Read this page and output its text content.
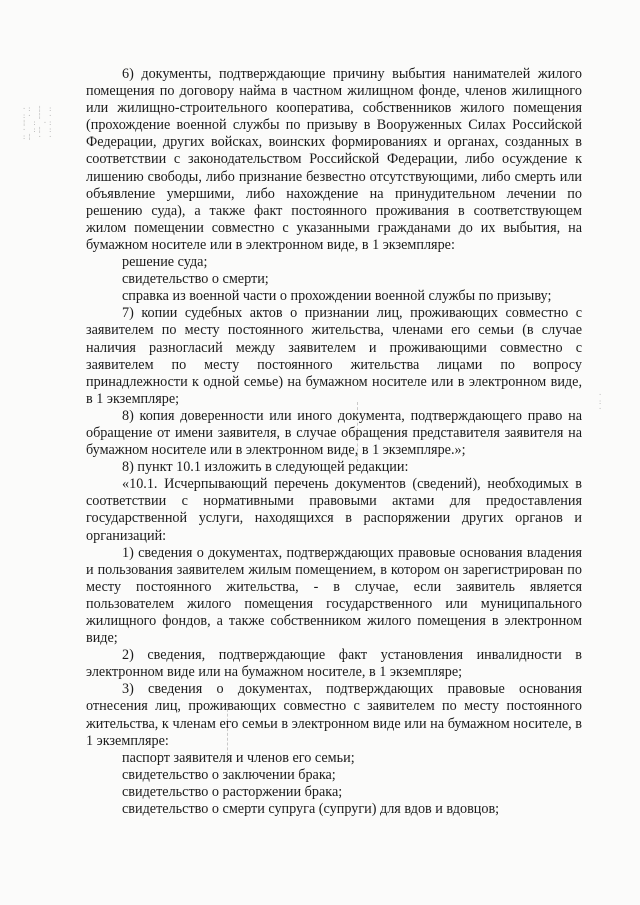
·: ¦ :
:· ¦ ·
¦ : ·:
· :¦ :
:¦ · ·
·
:
·

6) документы, подтверждающие причину выбытия нанимателей жилого помещения по договору найма в частном жилищном фонде, членов жилищного или жилищно-строительного кооператива, собственников жилого помещения (прохождение военной службы по призыву в Вооруженных Силах Российской Федерации, других войсках, воинских формированиях и органах, созданных в соответствии с законодательством Российской Федерации, либо осуждение к лишению свободы, либо признание безвестно отсутствующими, либо смерть или объявление умершими, либо нахождение на принудительном лечении по решению суда), а также факт постоянного проживания в соответствующем жилом помещении совместно с указанными гражданами до их выбытия, на бумажном носителе или в электронном виде, в 1 экземпляре:

решение суда;

свидетельство о смерти;

справка из военной части о прохождении военной службы по призыву;

7) копии судебных актов о признании лиц, проживающих совместно с заявителем по месту постоянного жительства, членами его семьи (в случае наличия разногласий между заявителем и проживающими совместно с заявителем по месту постоянного жительства лицами по вопросу принадлежности к одной семье) на бумажном носителе или в электронном виде, в 1 экземпляре;

8) копия доверенности или иного документа, подтверждающего право на обращение от имени заявителя, в случае обращения представителя заявителя на бумажном носителе или в электронном виде, в 1 экземпляре.»;

8) пункт 10.1 изложить в следующей редакции:

«10.1. Исчерпывающий перечень документов (сведений), необходимых в соответствии с нормативными правовыми актами для предоставления государственной услуги, находящихся в распоряжении других органов и организаций:

1) сведения о документах, подтверждающих правовые основания владения и пользования заявителем жилым помещением, в котором он зарегистрирован по месту постоянного жительства, - в случае, если заявитель является пользователем жилого помещения государственного или муниципального жилищного фондов, а также собственником жилого помещения в электронном виде;

2) сведения, подтверждающие факт установления инвалидности в электронном виде или на бумажном носителе, в 1 экземпляре;

3) сведения о документах, подтверждающих правовые основания отнесения лиц, проживающих совместно с заявителем по месту постоянного жительства, к членам его семьи в электронном виде или на бумажном носителе, в 1 экземпляре:

паспорт заявителя и членов его семьи;

свидетельство о заключении брака;

свидетельство о расторжении брака;

свидетельство о смерти супруга (супруги) для вдов и вдовцов;
